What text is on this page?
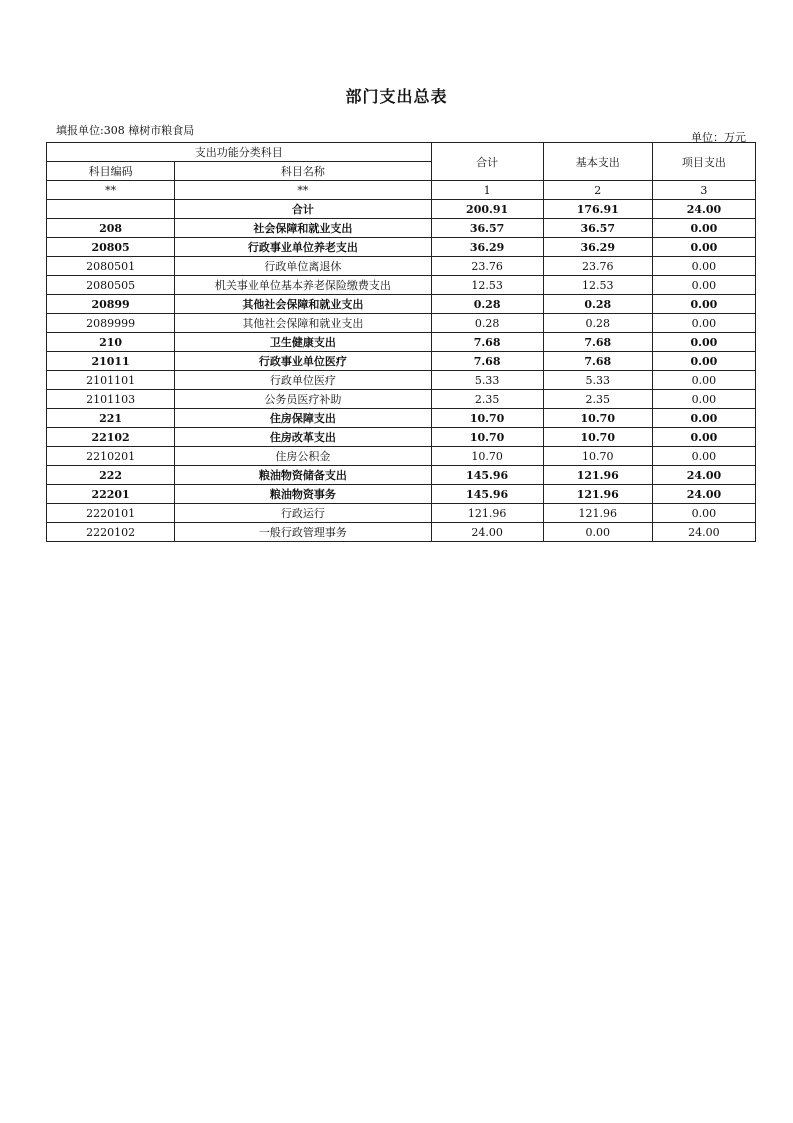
部门支出总表
填报单位:308 樟树市粮食局
单位：万元
支出功能分类科目		合计	基本支出	项目支出
科目编码	科目名称			
**	**	1	2	3
	合计	200.91	176.91	24.00
208	社会保障和就业支出	36.57	36.57	0.00
20805	行政事业单位养老支出	36.29	36.29	0.00
2080501	行政单位离退休	23.76	23.76	0.00
2080505	机关事业单位基本养老保险缴费支出	12.53	12.53	0.00
20899	其他社会保障和就业支出	0.28	0.28	0.00
2089999	其他社会保障和就业支出	0.28	0.28	0.00
210	卫生健康支出	7.68	7.68	0.00
21011	行政事业单位医疗	7.68	7.68	0.00
2101101	行政单位医疗	5.33	5.33	0.00
2101103	公务员医疗补助	2.35	2.35	0.00
221	住房保障支出	10.70	10.70	0.00
22102	住房改革支出	10.70	10.70	0.00
2210201	住房公积金	10.70	10.70	0.00
222	粮油物资储备支出	145.96	121.96	24.00
22201	粮油物资事务	145.96	121.96	24.00
2220101	行政运行	121.96	121.96	0.00
2220102	一般行政管理事务	24.00	0.00	24.00
